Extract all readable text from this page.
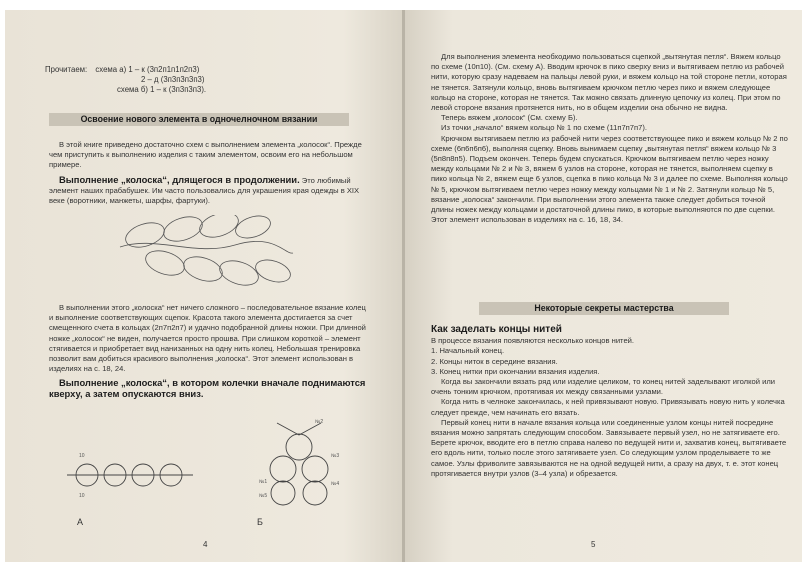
Прочитаем: схема а) 1 – к (3п2п1п1п2п3)
2 – д (3п3п3п3п3)
схема б) 1 – к (3п3п3п3).
Освоение нового элемента в одночелночном вязании

В этой книге приведено достаточно схем с выполнением элемента „колосок“. Прежде чем приступить к выполнению изделия с таким элементом, освоим его на небольшом примере.

Выполнение „колоска“, длящегося в продолжении. Это любимый элемент наших прабабушек. Им часто пользовались для украшения края одежды в XIX веке (воротники, манжеты, шарфы, фартуки).

В выполнении этого „колоска“ нет ничего сложного – последовательное вязание колец и выполнение соответствующих сцепок. Красота такого элемента достигается за счет смещенного счета в кольцах (2п7п2п7) и удачно подобранной длины ножки. При длинной ножке „колосок“ не виден, получается просто прошва. При слишком короткой – элемент стягивается и приобретает вид нанизанных на одну нить колец. Небольшая тренировка позволит вам добиться красивого выполнения „колоска“. Этот элемент использован в изделиях на с. 18, 24.

Выполнение „колоска“, в котором колечки вначале поднимаются кверху, а затем опускаются вниз.

10
10
А
№2
№3
№1
№5
№4
Б
4

Для выполнения элемента необходимо пользоваться сцепкой „вытянутая петля“. Вяжем кольцо по схеме (10п10). (См. схему А). Вводим крючок в пико сверху вниз и вытягиваем петлю из рабочей нити, которую сразу надеваем на пальцы левой руки, и вяжем кольцо на той стороне петли, которая не тянется. Затянули кольцо, вновь вытягиваем крючком петлю через пико и вяжем следующее кольцо на стороне, которая не тянется. Так можно связать длинную цепочку из колец. При этом по левой стороне вязания протянется нить, но в общем изделии она обычно не видна.

Теперь вяжем „колосок“ (См. схему Б).

Из точки „начало“ вяжем кольцо № 1 по схеме (11п7п7п7).

Крючком вытягиваем петлю из рабочей нити через соответствующее пико и вяжем кольцо № 2 по схеме (6п6п6п6), выполняя сцепку. Вновь вынимаем сцепку „вытянутая петля“ вяжем кольцо № 3 (5п8п8п5). Подъем окончен. Теперь будем спускаться. Крючком вытягиваем петлю через ножку между кольцами № 2 и № 3, вяжем 6 узлов на стороне, которая не тянется, выполняем сцепку в пико кольца № 2, вяжем еще 6 узлов, сцепка в пико кольца № 3 и далее по схеме. Выполняя кольцо № 5, крючком вытягиваем петлю через ножку между кольцами № 1 и № 2. Затянули кольцо № 5, вязание „колоска“ закончили. При выполнении этого элемента также следует добиться точной длины ножек между кольцами и достаточной длины пико, в которые выполняются по две сцепки. Этот элемент использован в изделиях на с. 16, 18, 34.

Некоторые секреты мастерства

Как заделать концы нитей

В процессе вязания появляются несколько концов нитей.

1. Начальный конец.

2. Концы ниток в середине вязания.

3. Конец нитки при окончании вязания изделия.

Когда вы закончили вязать ряд или изделие целиком, то конец нитей заделывают иголкой или очень тонким крючком, протягивая их между связанными узлами.

Когда нить в челноке закончилась, к ней привязывают новую. Привязывать новую нить у колечка следует прежде, чем начинать его вязать.

Первый конец нити в начале вязания кольца или соединенные узлом концы нитей посредине вязания можно запрятать следующим способом. Завязываете первый узел, но не затягиваете его. Берете крючок, вводите его в петлю справа налево по ведущей нити и, захватив конец, вытягиваете его вдоль нити, только после этого затягиваете узел. Со следующим узлом проделываете то же самое. Узлы фриволите завязываются не на одной ведущей нити, а сразу на двух, т. е. этот конец протягивается внутри узлов (3–4 узла) и обрезается.

5
